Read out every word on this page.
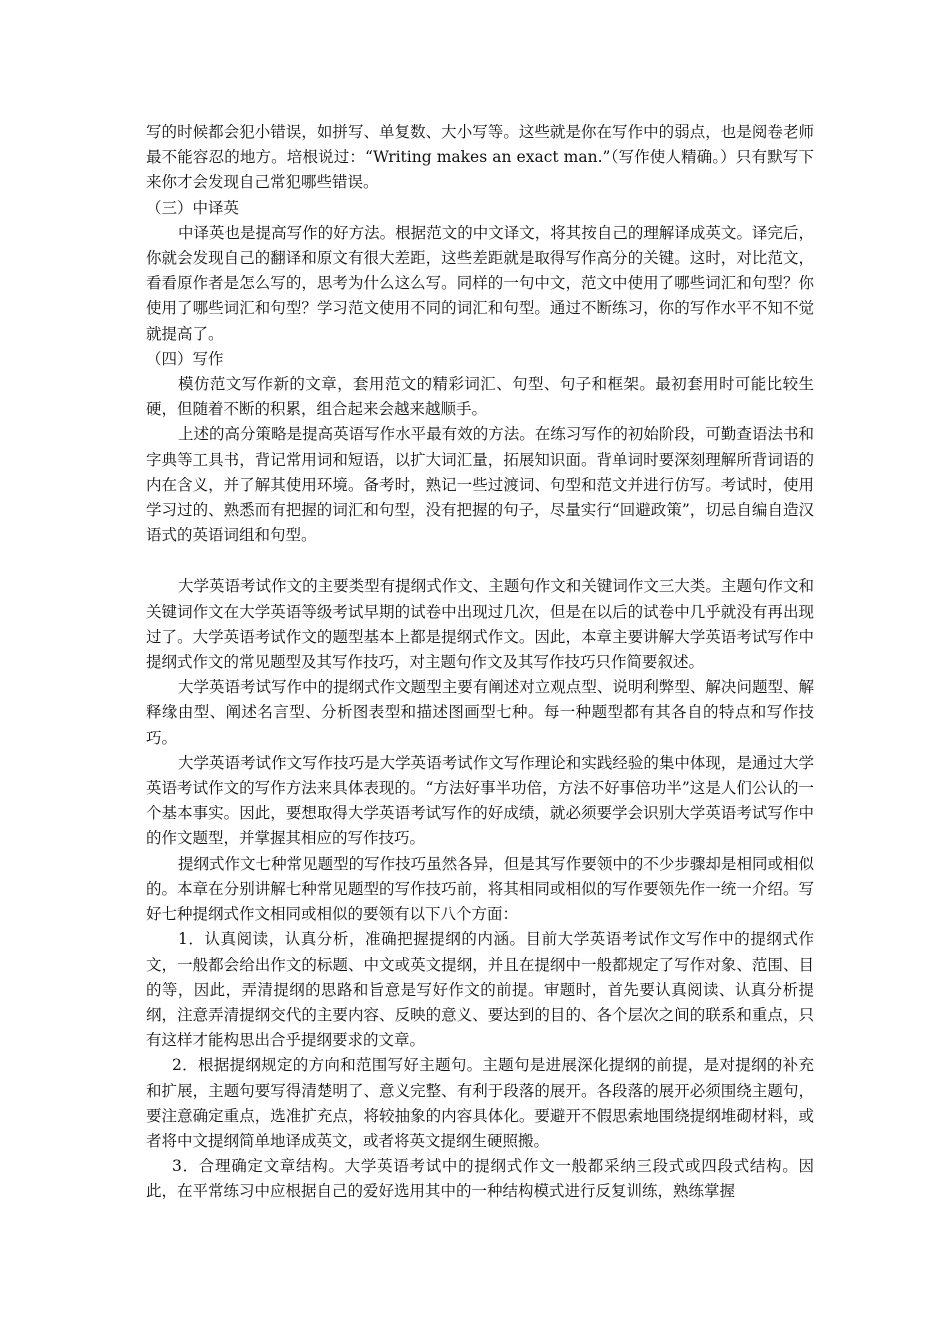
写的时候都会犯小错误，如拼写、单复数、大小写等。这些就是你在写作中的弱点，也是阅卷老师最不能容忍的地方。培根说过：“Writing makes an exact man.”（写作使人精确。）只有默写下来你才会发现自己常犯哪些错误。

（三）中译英

中译英也是提高写作的好方法。根据范文的中文译文，将其按自己的理解译成英文。译完后，你就会发现自己的翻译和原文有很大差距，这些差距就是取得写作高分的关键。这时，对比范文，看看原作者是怎么写的，思考为什么这么写。同样的一句中文，范文中使用了哪些词汇和句型？你使用了哪些词汇和句型？学习范文使用不同的词汇和句型。通过不断练习，你的写作水平不知不觉就提高了。

（四）写作

模仿范文写作新的文章，套用范文的精彩词汇、句型、句子和框架。最初套用时可能比较生硬，但随着不断的积累，组合起来会越来越顺手。

上述的高分策略是提高英语写作水平最有效的方法。在练习写作的初始阶段，可勤查语法书和字典等工具书，背记常用词和短语，以扩大词汇量，拓展知识面。背单词时要深刻理解所背词语的内在含义，并了解其使用环境。备考时，熟记一些过渡词、句型和范文并进行仿写。考试时，使用学习过的、熟悉而有把握的词汇和句型，没有把握的句子，尽量实行“回避政策”，切忌自编自造汉语式的英语词组和句型。

大学英语考试作文的主要类型有提纲式作文、主题句作文和关键词作文三大类。主题句作文和关键词作文在大学英语等级考试早期的试卷中出现过几次，但是在以后的试卷中几乎就没有再出现过了。大学英语考试作文的题型基本上都是提纲式作文。因此，本章主要讲解大学英语考试写作中提纲式作文的常见题型及其写作技巧，对主题句作文及其写作技巧只作简要叙述。

大学英语考试写作中的提纲式作文题型主要有阐述对立观点型、说明利弊型、解决问题型、解释缘由型、阐述名言型、分析图表型和描述图画型七种。每一种题型都有其各自的特点和写作技巧。

大学英语考试作文写作技巧是大学英语考试作文写作理论和实践经验的集中体现，是通过大学英语考试作文的写作方法来具体表现的。“方法好事半功倍，方法不好事倍功半”这是人们公认的一个基本事实。因此，要想取得大学英语考试写作的好成绩，就必须要学会识别大学英语考试写作中的作文题型，并掌握其相应的写作技巧。

提纲式作文七种常见题型的写作技巧虽然各异，但是其写作要领中的不少步骤却是相同或相似的。本章在分别讲解七种常见题型的写作技巧前，将其相同或相似的写作要领先作一统一介绍。写好七种提纲式作文相同或相似的要领有以下八个方面：

1．认真阅读，认真分析，准确把握提纲的内涵。目前大学英语考试作文写作中的提纲式作文，一般都会给出作文的标题、中文或英文提纲，并且在提纲中一般都规定了写作对象、范围、目的等，因此，弄清提纲的思路和旨意是写好作文的前提。审题时，首先要认真阅读、认真分析提纲，注意弄清提纲交代的主要内容、反映的意义、要达到的目的、各个层次之间的联系和重点，只有这样才能构思出合乎提纲要求的文章。

2．根据提纲规定的方向和范围写好主题句。主题句是进展深化提纲的前提，是对提纲的补充和扩展，主题句要写得清楚明了、意义完整、有利于段落的展开。各段落的展开必须围绕主题句，要注意确定重点，选准扩充点，将较抽象的内容具体化。要避开不假思索地围绕提纲堆砌材料，或者将中文提纲简单地译成英文，或者将英文提纲生硬照搬。

3．合理确定文章结构。大学英语考试中的提纲式作文一般都采纳三段式或四段式结构。因此，在平常练习中应根据自己的爱好选用其中的一种结构模式进行反复训练，熟练掌握
